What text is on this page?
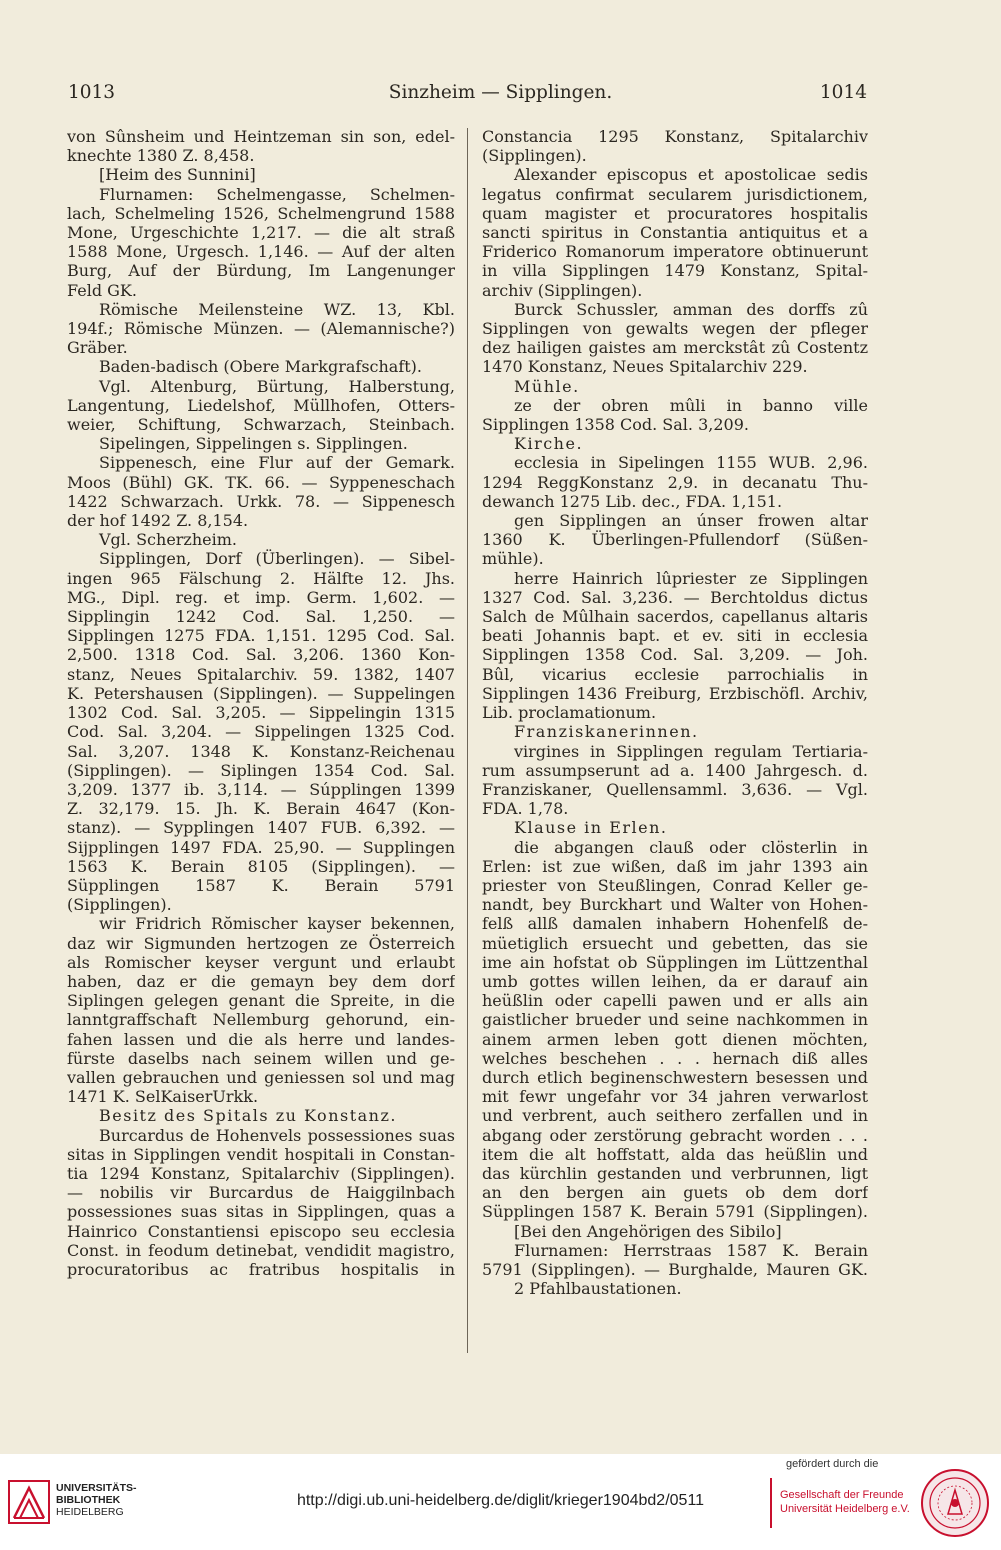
1013	Sinzheim — Sipplingen.	1014
von Sûnsheim und Heintzeman sin son, edel-
knechte 1380 Z. 8,458.
[Heim des Sunnini]
Flurnamen: Schelmengasse, Schelmen-
lach, Schelmeling 1526, Schelmengrund 1588
Mone, Urgeschichte 1,217. — die alt straß
1588 Mone, Urgesch. 1,146. — Auf der alten
Burg, Auf der Bürdung, Im Langenunger
Feld GK.
Römische Meilensteine WZ. 13, Kbl.
194f.; Römische Münzen. — (Alemannische?)
Gräber.
Baden-badisch (Obere Markgrafschaft).
Vgl. Altenburg, Bürtung, Halberstung,
Langentung, Liedelshof, Müllhofen, Otters-
weier, Schiftung, Schwarzach, Steinbach.
Sipelingen, Sippelingen s. Sipplingen.
Sippenesch, eine Flur auf der Gemark.
Moos (Bühl) GK. TK. 66. — Syppeneschach
1422 Schwarzach. Urkk. 78. — Sippenesch
der hof 1492 Z. 8,154.
Vgl. Scherzheim.
Sipplingen, Dorf (Überlingen). — Sibel-
ingen 965 Fälschung 2. Hälfte 12. Jhs.
MG., Dipl. reg. et imp. Germ. 1,602. —
Sipplingin 1242 Cod. Sal. 1,250. —
Sipplingen 1275 FDA. 1,151. 1295 Cod. Sal.
2,500. 1318 Cod. Sal. 3,206. 1360 Kon-
stanz, Neues Spitalarchiv. 59. 1382, 1407
K. Petershausen (Sipplingen). — Suppelingen
1302 Cod. Sal. 3,205. — Sippelingin 1315
Cod. Sal. 3,204. — Sippelingen 1325 Cod.
Sal. 3,207. 1348 K. Konstanz-Reichenau
(Sipplingen). — Siplingen 1354 Cod. Sal.
3,209. 1377 ib. 3,114. — Súpplingen 1399
Z. 32,179. 15. Jh. K. Berain 4647 (Kon-
stanz). — Sypplingen 1407 FUB. 6,392. —
Sijpplingen 1497 FDA. 25,90. — Supplingen
1563 K. Berain 8105 (Sipplingen). —
Süpplingen 1587 K. Berain 5791
(Sipplingen).
wir Fridrich Rŏmischer kayser bekennen,
daz wir Sigmunden hertzogen ze Österreich
als Romischer keyser vergunt und erlaubt
haben, daz er die gemayn bey dem dorf
Siplingen gelegen genant die Spreite, in die
lanntgraffschaft Nellemburg gehorund, ein-
fahen lassen und die als herre und landes-
fürste daselbs nach seinem willen und ge-
vallen gebrauchen und geniessen sol und mag
1471 K. SelKaiserUrkk.
Besitz des Spitals zu Konstanz.
Burcardus de Hohenvels possessiones suas
sitas in Sipplingen vendit hospitali in Constan-
tia 1294 Konstanz, Spitalarchiv (Sipplingen).
— nobilis vir Burcardus de Haiggilnbach
possessiones suas sitas in Sipplingen, quas a
Hainrico Constantiensi episcopo seu ecclesia
Const. in feodum detinebat, vendidit magistro,
procuratoribus ac fratribus hospitalis in
Constancia 1295 Konstanz, Spitalarchiv
(Sipplingen).
Alexander episcopus et apostolicae sedis
legatus confirmat secularem jurisdictionem,
quam magister et procuratores hospitalis
sancti spiritus in Constantia antiquitus et a
Friderico Romanorum imperatore obtinuerunt
in villa Sipplingen 1479 Konstanz, Spital-
archiv (Sipplingen).
Burck Schussler, amman des dorffs zû
Sipplingen von gewalts wegen der pfleger
dez hailigen gaistes am merckstât zû Costentz
1470 Konstanz, Neues Spitalarchiv 229.
Mühle.
ze der obren mûli in banno ville
Sipplingen 1358 Cod. Sal. 3,209.
Kirche.
ecclesia in Sipelingen 1155 WUB. 2,96.
1294 ReggKonstanz 2,9. in decanatu Thu-
dewanch 1275 Lib. dec., FDA. 1,151.
gen Sipplingen an únser frowen altar
1360 K. Überlingen-Pfullendorf (Süßen-
mühle).
herre Hainrich lûpriester ze Sipplingen
1327 Cod. Sal. 3,236. — Berchtoldus dictus
Salch de Mûlhain sacerdos, capellanus altaris
beati Johannis bapt. et ev. siti in ecclesia
Sipplingen 1358 Cod. Sal. 3,209. — Joh.
Bûl, vicarius ecclesie parrochialis in
Sipplingen 1436 Freiburg, Erzbischöfl. Archiv,
Lib. proclamationum.
Franziskanerinnen.
virgines in Sipplingen regulam Tertiaria-
rum assumpserunt ad a. 1400 Jahrgesch. d.
Franziskaner, Quellensamml. 3,636. — Vgl.
FDA. 1,78.
Klause in Erlen.
die abgangen clauß oder clösterlin in
Erlen: ist zue wißen, daß im jahr 1393 ain
priester von Steußlingen, Conrad Keller ge-
nandt, bey Burckhart und Walter von Hohen-
felß allß damalen inhabern Hohenfelß de-
müetiglich ersuecht und gebetten, das sie
ime ain hofstat ob Süpplingen im Lüttzenthal
umb gottes willen leihen, da er darauf ain
heüßlin oder capelli pawen und er alls ain
gaistlicher brueder und seine nachkommen in
ainem armen leben gott dienen möchten,
welches beschehen . . . hernach diß alles
durch etlich beginenschwestern besessen und
mit fewr ungefahr vor 34 jahren verwarlost
und verbrent, auch seithero zerfallen und in
abgang oder zerstörung gebracht worden . . .
item die alt hoffstatt, alda das heüßlin und
das kürchlin gestanden und verbrunnen, ligt
an den bergen ain guets ob dem dorf
Süpplingen 1587 K. Berain 5791 (Sipplingen).
[Bei den Angehörigen des Sibilo]
Flurnamen: Herrstraas 1587 K. Berain
5791 (Sipplingen). — Burghalde, Mauren GK.
2 Pfahlbaustationen.
UNIVERSITÄTS-
BIBLIOTHEK
HEIDELBERG
http://digi.ub.uni-heidelberg.de/diglit/krieger1904bd2/0511
gefördert durch die
Gesellschaft der Freunde
Universität Heidelberg e.V.
